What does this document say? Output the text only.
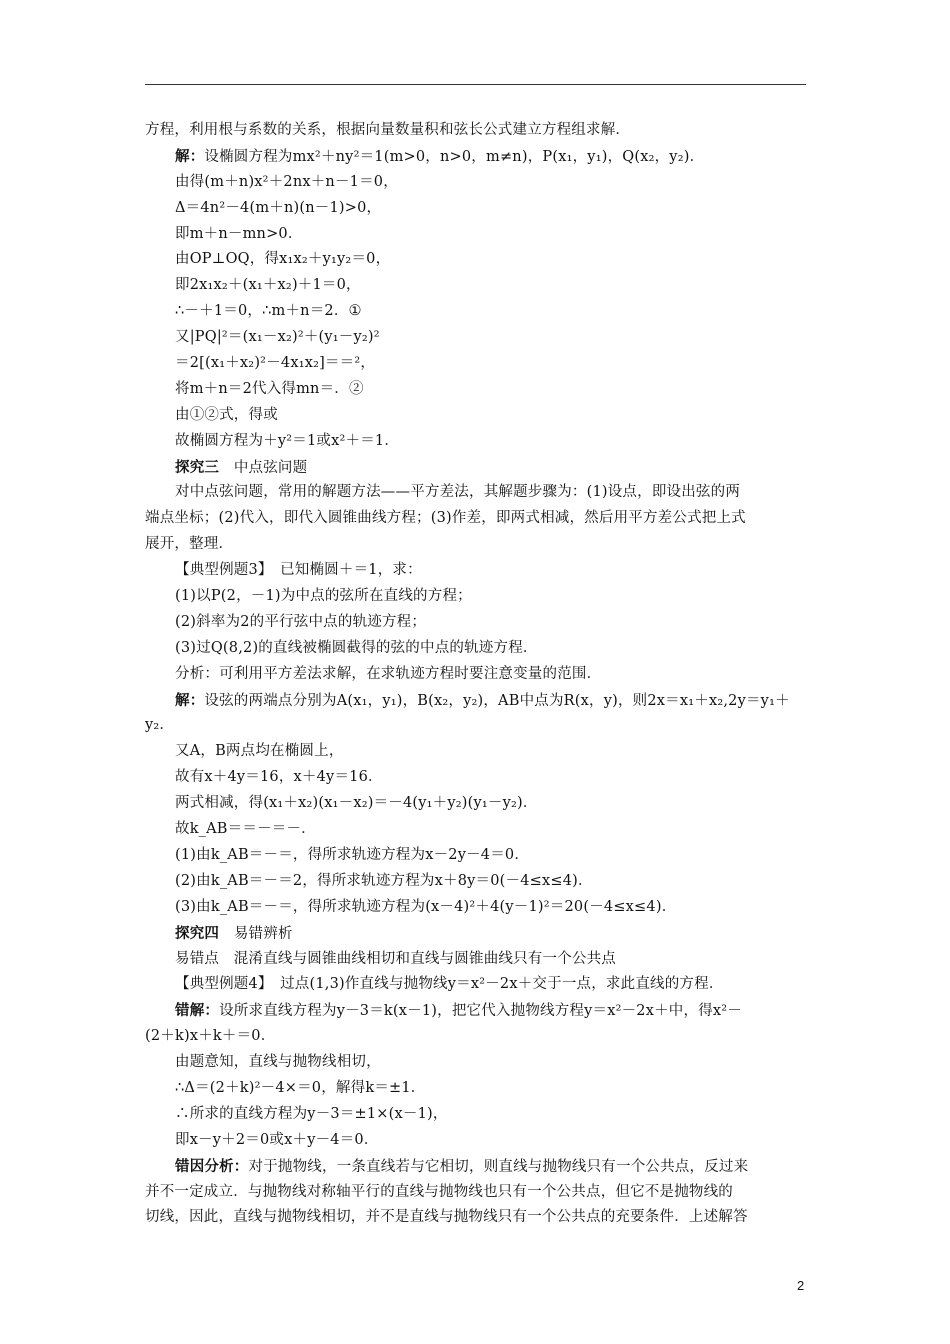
方程，利用根与系数的关系，根据向量数量积和弦长公式建立方程组求解．
解：设椭圆方程为mx²＋ny²＝1(m>0，n>0，m≠n)，P(x₁，y₁)，Q(x₂，y₂)．
由得(m＋n)x²＋2nx＋n－1＝0，
Δ＝4n²－4(m＋n)(n－1)>0，
即m＋n－mn>0．
由OP⊥OQ，得x₁x₂＋y₁y₂＝0，
即2x₁x₂＋(x₁＋x₂)＋1＝0，
∴－＋1＝0，∴m＋n＝2．①
又|PQ|²＝(x₁－x₂)²＋(y₁－y₂)²
＝2[(x₁＋x₂)²－4x₁x₂]＝＝²，
将m＋n＝2代入得mn＝．②
由①②式，得或
故椭圆方程为＋y²＝1或x²＋＝1．
探究三　中点弦问题
对中点弦问题，常用的解题方法——平方差法，其解题步骤为：(1)设点，即设出弦的两
端点坐标；(2)代入，即代入圆锥曲线方程；(3)作差，即两式相减，然后用平方差公式把上式
展开，整理．
【典型例题3】　已知椭圆＋＝1，求：
(1)以P(2，－1)为中点的弦所在直线的方程；
(2)斜率为2的平行弦中点的轨迹方程；
(3)过Q(8,2)的直线被椭圆截得的弦的中点的轨迹方程．
分析：可利用平方差法求解，在求轨迹方程时要注意变量的范围．
解：设弦的两端点分别为A(x₁，y₁)，B(x₂，y₂)，AB中点为R(x，y)，则2x＝x₁＋x₂,2y＝y₁＋
y₂．
又A，B两点均在椭圆上，
故有x＋4y＝16，x＋4y＝16．
两式相减，得(x₁＋x₂)(x₁－x₂)＝－4(y₁＋y₂)(y₁－y₂)．
故k_AB＝＝－＝－．
(1)由k_AB＝－＝，得所求轨迹方程为x－2y－4＝0．
(2)由k_AB＝－＝2，得所求轨迹方程为x＋8y＝0(－4≤x≤4)．
(3)由k_AB＝－＝，得所求轨迹方程为(x－4)²＋4(y－1)²＝20(－4≤x≤4)．
探究四　易错辨析
易错点　混淆直线与圆锥曲线相切和直线与圆锥曲线只有一个公共点
【典型例题4】　过点(1,3)作直线与抛物线y＝x²－2x＋交于一点，求此直线的方程．
错解：设所求直线方程为y－3＝k(x－1)，把它代入抛物线方程y＝x²－2x＋中，得x²－
(2＋k)x＋k＋＝0．
由题意知，直线与抛物线相切，
∴Δ＝(2＋k)²－4×＝0，解得k＝±1．
∴所求的直线方程为y－3＝±1×(x－1)，
即x－y＋2＝0或x＋y－4＝0．
错因分析：对于抛物线，一条直线若与它相切，则直线与抛物线只有一个公共点，反过来
并不一定成立．与抛物线对称轴平行的直线与抛物线也只有一个公共点，但它不是抛物线的
切线，因此，直线与抛物线相切，并不是直线与抛物线只有一个公共点的充要条件．上述解答
2
